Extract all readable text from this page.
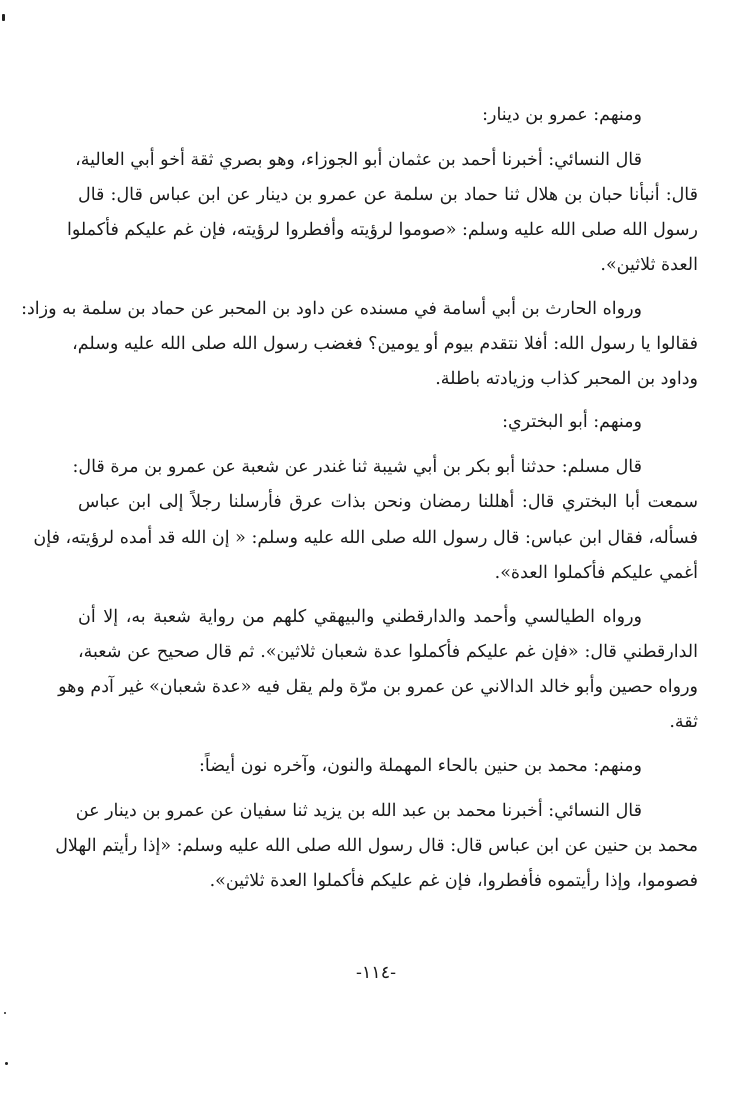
ومنهم: عمرو بن دينار:
قال النسائي: أخبرنا أحمد بن عثمان أبو الجوزاء، وهو بصري ثقة أخو أبي العالية،
قال: أنبأنا حبان بن هلال ثنا حماد بن سلمة عن عمرو بن دينار عن ابن عباس قال: قال
رسول الله صلى الله عليه وسلم: «صوموا لرؤيته وأفطروا لرؤيته، فإن غم عليكم فأكملوا
العدة ثلاثين».
ورواه الحارث بن أبي أسامة في مسنده عن داود بن المحبر عن حماد بن سلمة به وزاد:
فقالوا يا رسول الله: أفلا نتقدم بيوم أو يومين؟ فغضب رسول الله صلى الله عليه وسلم،
وداود بن المحبر كذاب وزيادته باطلة.
ومنهم: أبو البختري:
قال مسلم: حدثنا أبو بكر بن أبي شيبة ثنا غندر عن شعبة عن عمرو بن مرة قال:
سمعت أبا البختري قال: أهللنا رمضان ونحن بذات عرق فأرسلنا رجلاً إلى ابن عباس
فسأله، فقال ابن عباس: قال رسول الله صلى الله عليه وسلم: « إن الله قد أمده لرؤيته، فإن
أغمي عليكم فأكملوا العدة».
ورواه الطيالسي وأحمد والدارقطني والبيهقي كلهم من رواية شعبة به، إلا أن
الدارقطني قال: «فإن غم عليكم فأكملوا عدة شعبان ثلاثين». ثم قال صحيح عن شعبة،
ورواه حصين وأبو خالد الدالاني عن عمرو بن مرّة ولم يقل فيه «عدة شعبان» غير آدم وهو
ثقة.
ومنهم: محمد بن حنين بالحاء المهملة والنون، وآخره نون أيضاً:
قال النسائي: أخبرنا محمد بن عبد الله بن يزيد ثنا سفيان عن عمرو بن دينار عن
محمد بن حنين عن ابن عباس قال: قال رسول الله صلى الله عليه وسلم: «إذا رأيتم الهلال
فصوموا، وإذا رأيتموه فأفطروا، فإن غم عليكم فأكملوا العدة ثلاثين».
-١١٤-
